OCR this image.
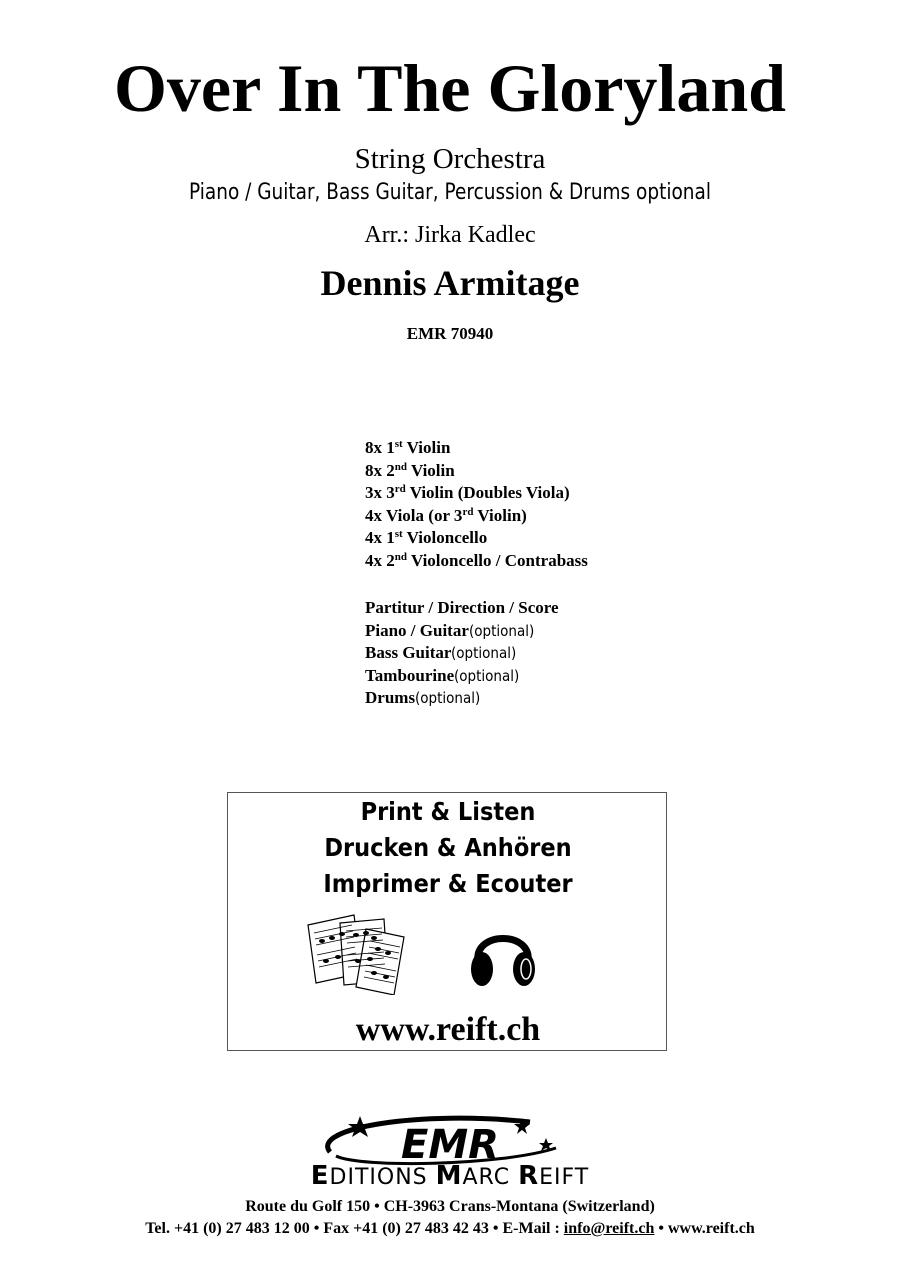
Over In The Gloryland
String Orchestra
Piano / Guitar, Bass Guitar, Percussion & Drums optional
Arr.: Jirka Kadlec
Dennis Armitage
EMR 70940
8x 1st Violin
8x 2nd Violin
3x 3rd Violin (Doubles Viola)
4x Viola (or 3rd Violin)
4x 1st Violoncello
4x 2nd Violoncello / Contrabass
Partitur / Direction / Score
Piano / Guitar(optional)
Bass Guitar(optional)
Tambourine(optional)
Drums(optional)
Print & Listen
Drucken & Anhören
Imprimer & Ecouter
www.reift.ch
EMR
EDITIONS MARC REIFT
Route du Golf 150 • CH-3963 Crans-Montana (Switzerland)
Tel. +41 (0) 27 483 12 00 • Fax +41 (0) 27 483 42 43 • E-Mail : info@reift.ch • www.reift.ch
